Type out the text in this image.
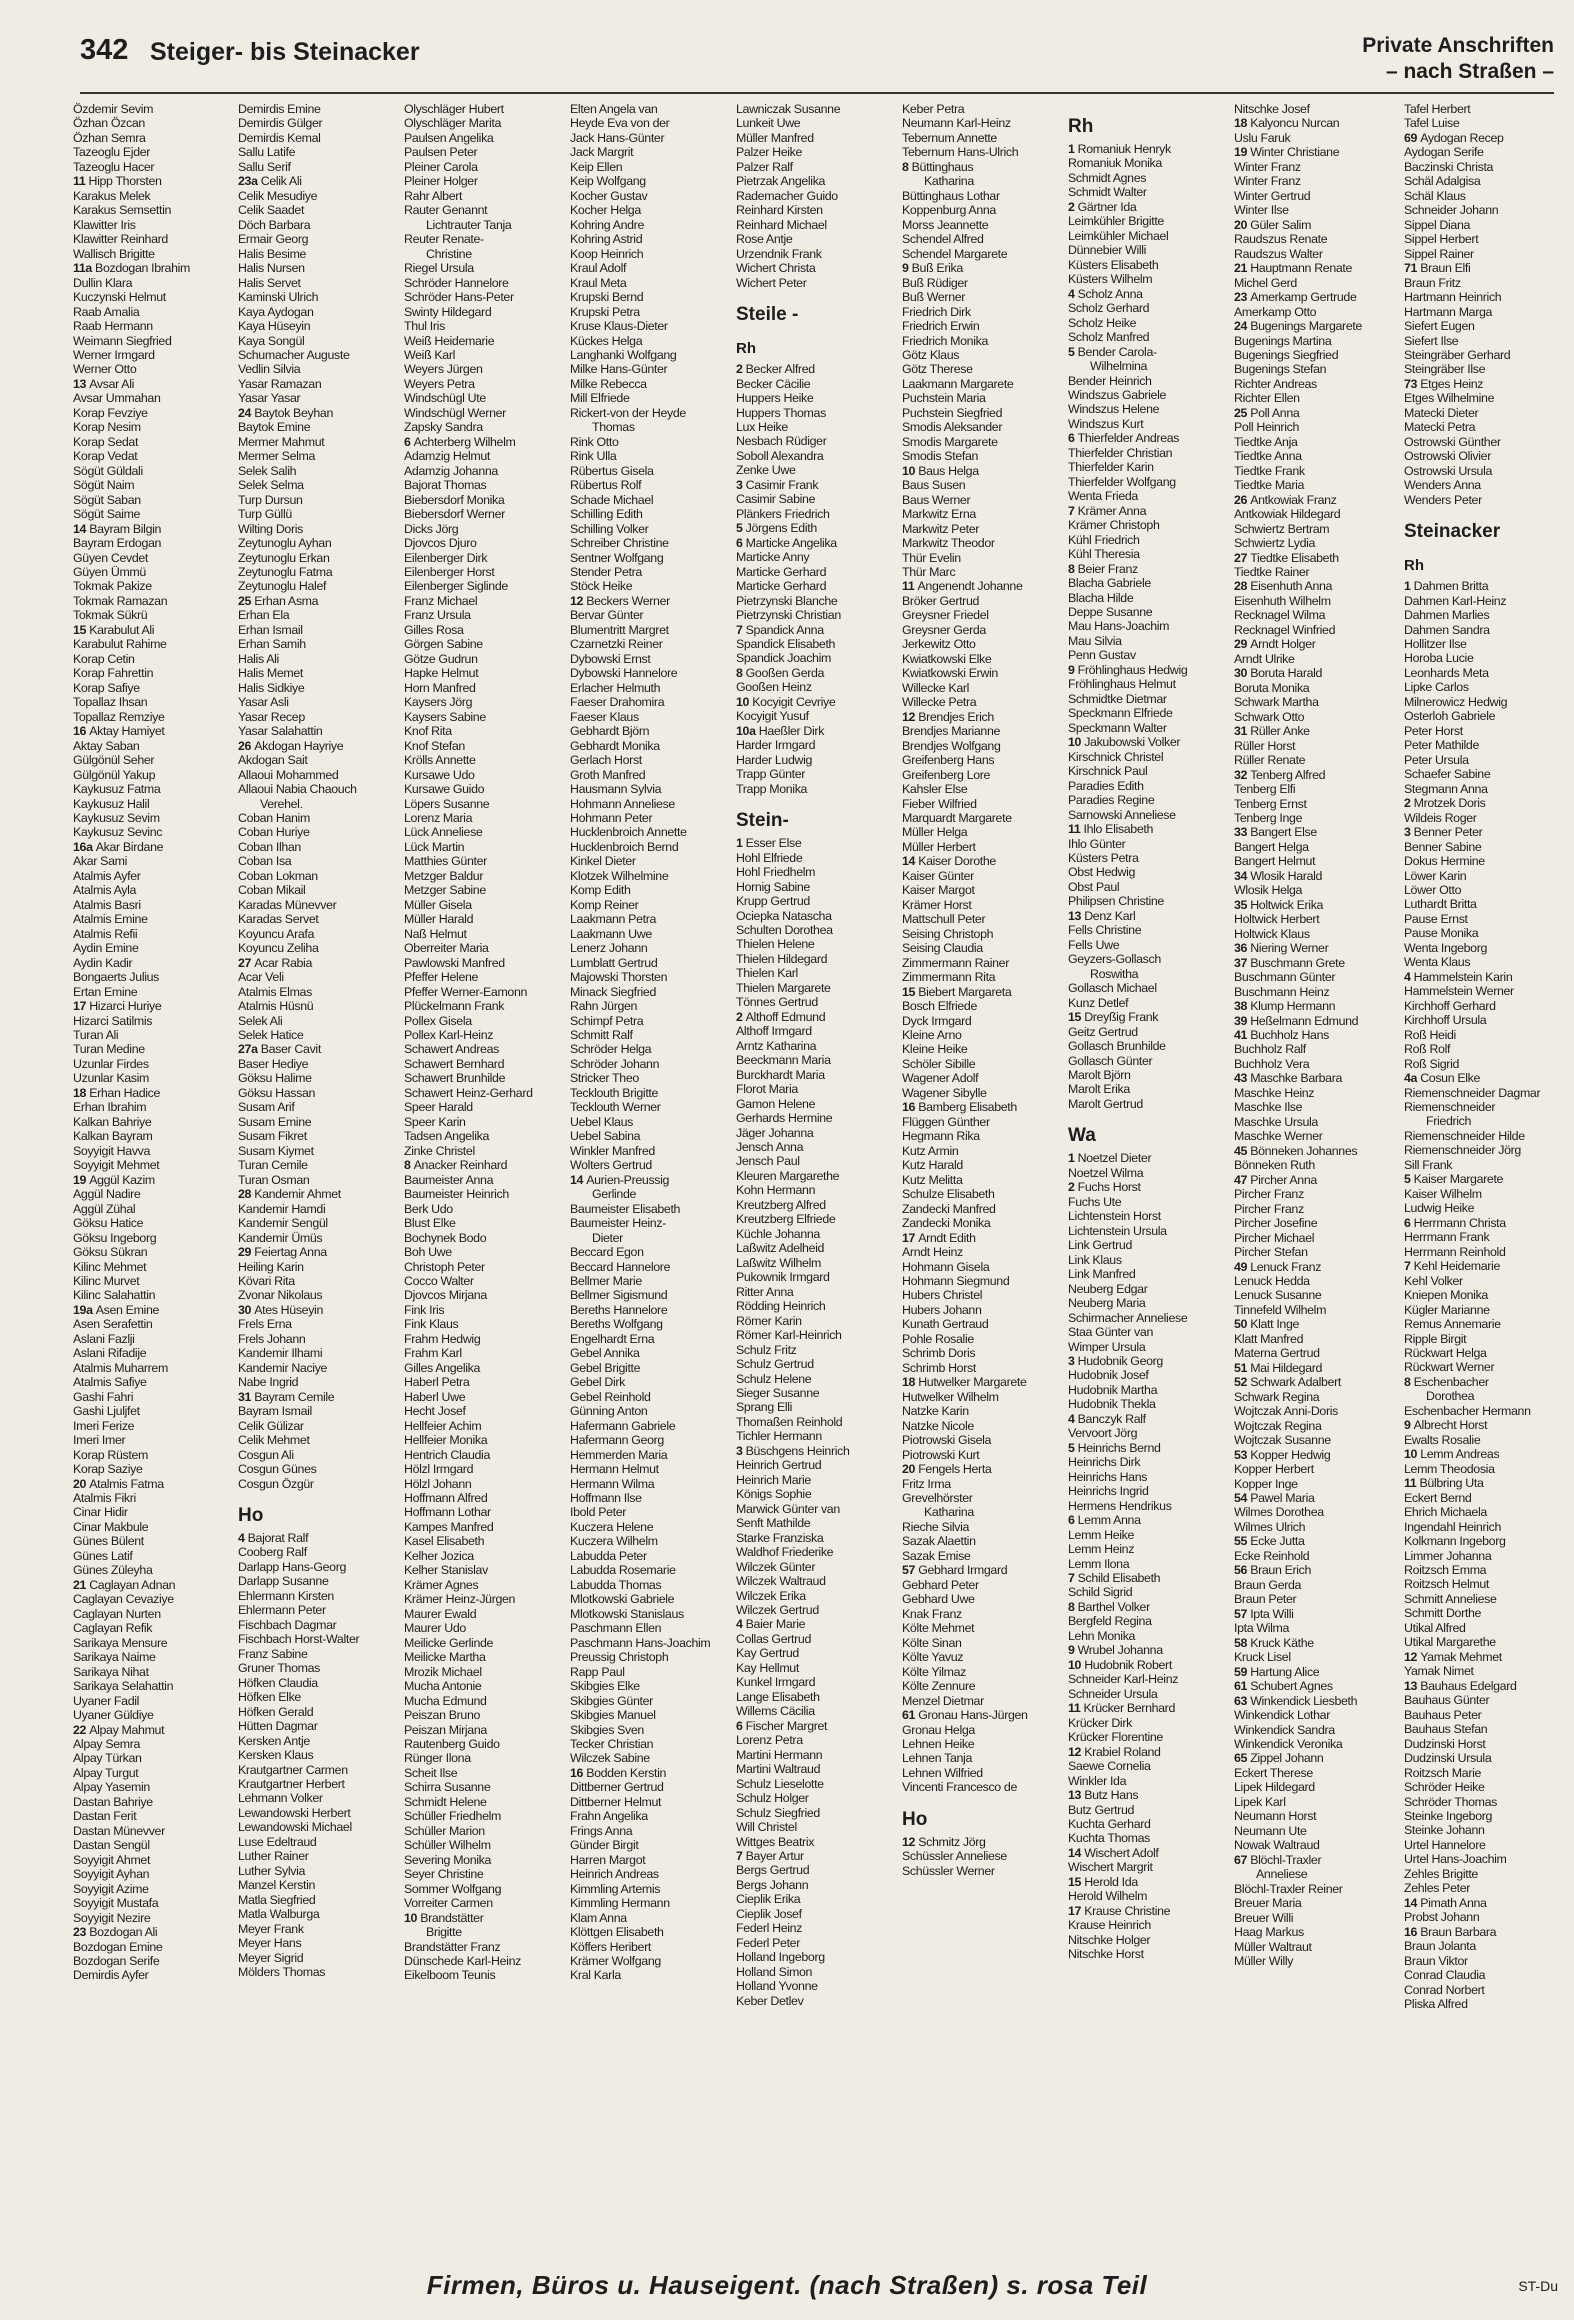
342 Steiger- bis Steinacker	Private Anschriften
– nach Straßen –
Özdemir Sevim
Özhan Özcan
Özhan Semra
Tazeoglu Ejder
Tazeoglu Hacer
11 Hipp Thorsten
Karakus Melek
Karakus Semsettin
Klawitter Iris
Klawitter Reinhard
Wallisch Brigitte
11a Bozdogan Ibrahim
Dullin Klara
Kuczynski Helmut
Raab Amalia
Raab Hermann
Weimann Siegfried
Werner Irmgard
Werner Otto
13 Avsar Ali
Avsar Ummahan
Korap Fevziye
Korap Nesim
Korap Sedat
Korap Vedat
Sögüt Güldali
Sögüt Naim
Sögüt Saban
Sögüt Saime
14 Bayram Bilgin
Bayram Erdogan
Güyen Cevdet
Güyen Ümmü
Tokmak Pakize
Tokmak Ramazan
Tokmak Sükrü
15 Karabulut Ali
Karabulut Rahime
Korap Cetin
Korap Fahrettin
Korap Safiye
Topallaz Ihsan
Topallaz Remziye
16 Aktay Hamiyet
Aktay Saban
Gülgönül Seher
Gülgönül Yakup
Kaykusuz Fatma
Kaykusuz Halil
Kaykusuz Sevim
Kaykusuz Sevinc
16a Akar Birdane
Akar Sami
Atalmis Ayfer
Atalmis Ayla
Atalmis Basri
Atalmis Emine
Atalmis Refii
Aydin Emine
Aydin Kadir
Bongaerts Julius
Ertan Emine
17 Hizarci Huriye
Hizarci Satilmis
Turan Ali
Turan Medine
Uzunlar Firdes
Uzunlar Kasim
18 Erhan Hadice
Erhan Ibrahim
Kalkan Bahriye
Kalkan Bayram
Soyyigit Havva
Soyyigit Mehmet
19 Aggül Kazim
Aggül Nadire
Aggül Zühal
Göksu Hatice
Göksu Ingeborg
Göksu Sükran
Kilinc Mehmet
Kilinc Murvet
Kilinc Salahattin
19a Asen Emine
Asen Serafettin
Aslani Fazlji
Aslani Rifadije
Atalmis Muharrem
Atalmis Safiye
Gashi Fahri
Gashi Ljuljfet
Imeri Ferize
Imeri Imer
Korap Rüstem
Korap Saziye
20 Atalmis Fatma
Atalmis Fikri
Cinar Hidir
Cinar Makbule
Günes Bülent
Günes Latif
Günes Züleyha
21 Caglayan Adnan
Caglayan Cevaziye
Caglayan Nurten
Caglayan Refik
Sarikaya Mensure
Sarikaya Naime
Sarikaya Nihat
Sarikaya Selahattin
Uyaner Fadil
Uyaner Güldiye
22 Alpay Mahmut
Alpay Semra
Alpay Türkan
Alpay Turgut
Alpay Yasemin
Dastan Bahriye
Dastan Ferit
Dastan Münevver
Dastan Sengül
Soyyigit Ahmet
Soyyigit Ayhan
Soyyigit Azime
Soyyigit Mustafa
Soyyigit Nezire
23 Bozdogan Ali
Bozdogan Emine
Bozdogan Serife
Demirdis Ayfer
Demirdis Emine
Demirdis Gülger
Demirdis Kemal
Sallu Latife
Sallu Serif
23a Celik Ali
Celik Mesudiye
Celik Saadet
Döch Barbara
Ermair Georg
Halis Besime
Halis Nursen
Halis Servet
Kaminski Ulrich
Kaya Aydogan
Kaya Hüseyin
Kaya Songül
Schumacher Auguste
Vedlin Silvia
Yasar Ramazan
Yasar Yasar
24 Baytok Beyhan
Baytok Emine
Mermer Mahmut
Mermer Selma
Selek Salih
Selek Selma
Turp Dursun
Turp Güllü
Wilting Doris
Zeytunoglu Ayhan
Zeytunoglu Erkan
Zeytunoglu Fatma
Zeytunoglu Halef
25 Erhan Asma
Erhan Ela
Erhan Ismail
Erhan Samih
Halis Ali
Halis Memet
Halis Sidkiye
Yasar Asli
Yasar Recep
Yasar Salahattin
26 Akdogan Hayriye
Akdogan Sait
Allaoui Mohammed
Allaoui Nabia Chaouch
Verehel.
Coban Hanim
Coban Huriye
Coban Ilhan
Coban Isa
Coban Lokman
Coban Mikail
Karadas Münevver
Karadas Servet
Koyuncu Arafa
Koyuncu Zeliha
27 Acar Rabia
Acar Veli
Atalmis Elmas
Atalmis Hüsnü
Selek Ali
Selek Hatice
27a Baser Cavit
Baser Hediye
Göksu Halime
Göksu Hassan
Susam Arif
Susam Emine
Susam Fikret
Susam Kiymet
Turan Cemile
Turan Osman
28 Kandemir Ahmet
Kandemir Hamdi
Kandemir Sengül
Kandemir Ümüs
29 Feiertag Anna
Heiling Karin
Kövari Rita
Zvonar Nikolaus
30 Ates Hüseyin
Frels Erna
Frels Johann
Kandemir Ilhami
Kandemir Naciye
Nabe Ingrid
31 Bayram Cemile
Bayram Ismail
Celik Gülizar
Celik Mehmet
Cosgun Ali
Cosgun Günes
Cosgun Özgür
Ho
4 Bajorat Ralf
Cooberg Ralf
Darlapp Hans-Georg
Darlapp Susanne
Ehlermann Kirsten
Ehlermann Peter
Fischbach Dagmar
Fischbach Horst-Walter
Franz Sabine
Gruner Thomas
Höfken Claudia
Höfken Elke
Höfken Gerald
Hütten Dagmar
Kersken Antje
Kersken Klaus
Krautgartner Carmen
Krautgartner Herbert
Lehmann Volker
Lewandowski Herbert
Lewandowski Michael
Luse Edeltraud
Luther Rainer
Luther Sylvia
Manzel Kerstin
Matla Siegfried
Matla Walburga
Meyer Frank
Meyer Hans
Meyer Sigrid
Mölders Thomas
Olyschläger Hubert
Olyschläger Marita
Paulsen Angelika
Paulsen Peter
Pleiner Carola
Pleiner Holger
Rahr Albert
Rauter Genannt
Lichtrauter Tanja
Reuter Renate-
Christine
Riegel Ursula
Schröder Hannelore
Schröder Hans-Peter
Swinty Hildegard
Thul Iris
Weiß Heidemarie
Weiß Karl
Weyers Jürgen
Weyers Petra
Windschügl Ute
Windschügl Werner
Zapsky Sandra
6 Achterberg Wilhelm
Adamzig Helmut
Adamzig Johanna
Bajorat Thomas
Biebersdorf Monika
Biebersdorf Werner
Dicks Jörg
Djovcos Djuro
Eilenberger Dirk
Eilenberger Horst
Eilenberger Siglinde
Franz Michael
Franz Ursula
Gilles Rosa
Görgen Sabine
Götze Gudrun
Hapke Helmut
Horn Manfred
Kaysers Jörg
Kaysers Sabine
Knof Rita
Knof Stefan
Krölls Annette
Kursawe Udo
Kursawe Guido
Löpers Susanne
Lorenz Maria
Lück Anneliese
Lück Martin
Matthies Günter
Metzger Baldur
Metzger Sabine
Müller Gisela
Müller Harald
Naß Helmut
Oberreiter Maria
Pawlowski Manfred
Pfeffer Helene
Pfeffer Werner-Eamonn
Plückelmann Frank
Pollex Gisela
Pollex Karl-Heinz
Schawert Andreas
Schawert Bernhard
Schawert Brunhilde
Schawert Heinz-Gerhard
Speer Harald
Speer Karin
Tadsen Angelika
Zinke Christel
8 Anacker Reinhard
Baumeister Anna
Baumeister Heinrich
Berk Udo
Blust Elke
Bochynek Bodo
Boh Uwe
Christoph Peter
Cocco Walter
Djovcos Mirjana
Fink Iris
Fink Klaus
Frahm Hedwig
Frahm Karl
Gilles Angelika
Haberl Petra
Haberl Uwe
Hecht Josef
Hellfeier Achim
Hellfeier Monika
Hentrich Claudia
Hölzl Irmgard
Hölzl Johann
Hoffmann Alfred
Hoffmann Lothar
Kampes Manfred
Kasel Elisabeth
Kelher Jozica
Kelher Stanislav
Krämer Agnes
Krämer Heinz-Jürgen
Maurer Ewald
Maurer Udo
Meilicke Gerlinde
Meilicke Martha
Mrozik Michael
Mucha Antonie
Mucha Edmund
Peiszan Bruno
Peiszan Mirjana
Rautenberg Guido
Rünger Ilona
Scheit Ilse
Schirra Susanne
Schmidt Helene
Schüller Friedhelm
Schüller Marion
Schüller Wilhelm
Severing Monika
Seyer Christine
Sommer Wolfgang
Vorreiter Carmen
10 Brandstätter
Brigitte
Brandstätter Franz
Dünschede Karl-Heinz
Eikelboom Teunis
Elten Angela van
Heyde Eva von der
Jack Hans-Günter
Jack Margrit
Keip Ellen
Keip Wolfgang
Kocher Gustav
Kocher Helga
Kohring Andre
Kohring Astrid
Koop Heinrich
Kraul Adolf
Kraul Meta
Krupski Bernd
Krupski Petra
Kruse Klaus-Dieter
Kückes Helga
Langhanki Wolfgang
Milke Hans-Günter
Milke Rebecca
Mill Elfriede
Rickert-von der Heyde
Thomas
Rink Otto
Rink Ulla
Rübertus Gisela
Rübertus Rolf
Schade Michael
Schilling Edith
Schilling Volker
Schreiber Christine
Sentner Wolfgang
Stender Petra
Stöck Heike
12 Beckers Werner
Bervar Günter
Blumentritt Margret
Czarnetzki Reiner
Dybowski Ernst
Dybowski Hannelore
Erlacher Helmuth
Faeser Drahomira
Faeser Klaus
Gebhardt Björn
Gebhardt Monika
Gerlach Horst
Groth Manfred
Hausmann Sylvia
Hohmann Anneliese
Hohmann Peter
Hucklenbroich Annette
Hucklenbroich Bernd
Kinkel Dieter
Klotzek Wilhelmine
Komp Edith
Komp Reiner
Laakmann Petra
Laakmann Uwe
Lenerz Johann
Lumblatt Gertrud
Majowski Thorsten
Minack Siegfried
Rahn Jürgen
Schimpf Petra
Schmitt Ralf
Schröder Helga
Schröder Johann
Stricker Theo
Tecklouth Brigitte
Tecklouth Werner
Uebel Klaus
Uebel Sabina
Winkler Manfred
Wolters Gertrud
14 Aurien-Preussig
Gerlinde
Baumeister Elisabeth
Baumeister Heinz-
Dieter
Beccard Egon
Beccard Hannelore
Bellmer Marie
Bellmer Sigismund
Bereths Hannelore
Bereths Wolfgang
Engelhardt Erna
Gebel Annika
Gebel Brigitte
Gebel Dirk
Gebel Reinhold
Günning Anton
Hafermann Gabriele
Hafermann Georg
Hemmerden Maria
Hermann Helmut
Hermann Wilma
Hoffmann Ilse
Ibold Peter
Kuczera Helene
Kuczera Wilhelm
Labudda Peter
Labudda Rosemarie
Labudda Thomas
Mlotkowski Gabriele
Mlotkowski Stanislaus
Paschmann Ellen
Paschmann Hans-Joachim
Preussig Christoph
Rapp Paul
Skibgies Elke
Skibgies Günter
Skibgies Manuel
Skibgies Sven
Tecker Christian
Wilczek Sabine
16 Bodden Kerstin
Dittberner Gertrud
Dittberner Helmut
Frahn Angelika
Frings Anna
Günder Birgit
Harren Margot
Heinrich Andreas
Kimmling Artemis
Kimmling Hermann
Klam Anna
Klöttgen Elisabeth
Köffers Heribert
Krämer Wolfgang
Kral Karla
Lawniczak Susanne
Lunkeit Uwe
Müller Manfred
Palzer Heike
Palzer Ralf
Pietrzak Angelika
Rademacher Guido
Reinhard Kirsten
Reinhard Michael
Rose Antje
Urzendnik Frank
Wichert Christa
Wichert Peter
Steile -
Rh
2 Becker Alfred
Becker Cäcilie
Huppers Heike
Huppers Thomas
Lux Heike
Nesbach Rüdiger
Soboll Alexandra
Zenke Uwe
3 Casimir Frank
Casimir Sabine
Plänkers Friedrich
5 Jörgens Edith
6 Marticke Angelika
Marticke Anny
Marticke Gerhard
Marticke Gerhard
Pietrzynski Blanche
Pietrzynski Christian
7 Spandick Anna
Spandick Elisabeth
Spandick Joachim
8 Gooßen Gerda
Gooßen Heinz
10 Kocyigit Cevriye
Kocyigit Yusuf
10a Haeßler Dirk
Harder Irmgard
Harder Ludwig
Trapp Günter
Trapp Monika
Stein-
1 Esser Else
Hohl Elfriede
Hohl Friedhelm
Hornig Sabine
Krupp Gertrud
Ociepka Natascha
Schulten Dorothea
Thielen Helene
Thielen Hildegard
Thielen Karl
Thielen Margarete
Tönnes Gertrud
2 Althoff Edmund
Althoff Irmgard
Arntz Katharina
Beeckmann Maria
Burckhardt Maria
Florot Maria
Gamon Helene
Gerhards Hermine
Jäger Johanna
Jensch Anna
Jensch Paul
Kleuren Margarethe
Kohn Hermann
Kreutzberg Alfred
Kreutzberg Elfriede
Küchle Johanna
Laßwitz Adelheid
Laßwitz Wilhelm
Pukownik Irmgard
Ritter Anna
Rödding Heinrich
Römer Karin
Römer Karl-Heinrich
Schulz Fritz
Schulz Gertrud
Schulz Helene
Sieger Susanne
Sprang Elli
Thomaßen Reinhold
Tichler Hermann
3 Büschgens Heinrich
Heinrich Gertrud
Heinrich Marie
Königs Sophie
Marwick Günter van
Senft Mathilde
Starke Franziska
Waldhof Friederike
Wilczek Günter
Wilczek Waltraud
Wilczek Erika
Wilczek Gertrud
4 Baier Marie
Collas Gertrud
Kay Gertrud
Kay Hellmut
Kunkel Irmgard
Lange Elisabeth
Willems Cäcilia
6 Fischer Margret
Lorenz Petra
Martini Hermann
Martini Waltraud
Schulz Lieselotte
Schulz Holger
Schulz Siegfried
Will Christel
Wittges Beatrix
7 Bayer Artur
Bergs Gertrud
Bergs Johann
Cieplik Erika
Cieplik Josef
Federl Heinz
Federl Peter
Holland Ingeborg
Holland Simon
Holland Yvonne
Keber Detlev
Keber Petra
Neumann Karl-Heinz
Tebernum Annette
Tebernum Hans-Ulrich
8 Büttinghaus
Katharina
Büttinghaus Lothar
Koppenburg Anna
Morss Jeannette
Schendel Alfred
Schendel Margarete
9 Buß Erika
Buß Rüdiger
Buß Werner
Friedrich Dirk
Friedrich Erwin
Friedrich Monika
Götz Klaus
Götz Therese
Laakmann Margarete
Puchstein Maria
Puchstein Siegfried
Smodis Aleksander
Smodis Margarete
Smodis Stefan
10 Baus Helga
Baus Susen
Baus Werner
Markwitz Erna
Markwitz Peter
Markwitz Theodor
Thür Evelin
Thür Marc
11 Angenendt Johanne
Bröker Gertrud
Greysner Friedel
Greysner Gerda
Jerkewitz Otto
Kwiatkowski Elke
Kwiatkowski Erwin
Willecke Karl
Willecke Petra
12 Brendjes Erich
Brendjes Marianne
Brendjes Wolfgang
Greifenberg Hans
Greifenberg Lore
Kahsler Else
Fieber Wilfried
Marquardt Margarete
Müller Helga
Müller Herbert
14 Kaiser Dorothe
Kaiser Günter
Kaiser Margot
Krämer Horst
Mattschull Peter
Seising Christoph
Seising Claudia
Zimmermann Rainer
Zimmermann Rita
15 Biebert Margareta
Bosch Elfriede
Dyck Irmgard
Kleine Arno
Kleine Heike
Schöler Sibille
Wagener Adolf
Wagener Sibylle
16 Bamberg Elisabeth
Flüggen Günther
Hegmann Rika
Kutz Armin
Kutz Harald
Kutz Melitta
Schulze Elisabeth
Zandecki Manfred
Zandecki Monika
17 Arndt Edith
Arndt Heinz
Hohmann Gisela
Hohmann Siegmund
Hubers Christel
Hubers Johann
Kunath Gertraud
Pohle Rosalie
Schrimb Doris
Schrimb Horst
18 Hutwelker Margarete
Hutwelker Wilhelm
Natzke Karin
Natzke Nicole
Piotrowski Gisela
Piotrowski Kurt
20 Fengels Herta
Fritz Irma
Grevelhörster
Katharina
Rieche Silvia
Sazak Alaettin
Sazak Emise
57 Gebhard Irmgard
Gebhard Peter
Gebhard Uwe
Knak Franz
Költe Mehmet
Költe Sinan
Költe Yavuz
Költe Yilmaz
Költe Zennure
Menzel Dietmar
61 Gronau Hans-Jürgen
Gronau Helga
Lehnen Heike
Lehnen Tanja
Lehnen Wilfried
Vincenti Francesco de
Ho
12 Schmitz Jörg
Schüssler Anneliese
Schüssler Werner
Rh
1 Romaniuk Henryk
Romaniuk Monika
Schmidt Agnes
Schmidt Walter
2 Gärtner Ida
Leimkühler Brigitte
Leimkühler Michael
Dünnebier Willi
Küsters Elisabeth
Küsters Wilhelm
4 Scholz Anna
Scholz Gerhard
Scholz Heike
Scholz Manfred
5 Bender Carola-
Wilhelmina
Bender Heinrich
Windszus Gabriele
Windszus Helene
Windszus Kurt
6 Thierfelder Andreas
Thierfelder Christian
Thierfelder Karin
Thierfelder Wolfgang
Wenta Frieda
7 Krämer Anna
Krämer Christoph
Kühl Friedrich
Kühl Theresia
8 Beier Franz
Blacha Gabriele
Blacha Hilde
Deppe Susanne
Mau Hans-Joachim
Mau Silvia
Penn Gustav
9 Fröhlinghaus Hedwig
Fröhlinghaus Helmut
Schmidtke Dietmar
Speckmann Elfriede
Speckmann Walter
10 Jakubowski Volker
Kirschnick Christel
Kirschnick Paul
Paradies Edith
Paradies Regine
Sarnowski Anneliese
11 Ihlo Elisabeth
Ihlo Günter
Küsters Petra
Obst Hedwig
Obst Paul
Philipsen Christine
13 Denz Karl
Fells Christine
Fells Uwe
Geyzers-Gollasch
Roswitha
Gollasch Michael
Kunz Detlef
15 Dreyßig Frank
Geitz Gertrud
Gollasch Brunhilde
Gollasch Günter
Marolt Björn
Marolt Erika
Marolt Gertrud
Wa
1 Noetzel Dieter
Noetzel Wilma
2 Fuchs Horst
Fuchs Ute
Lichtenstein Horst
Lichtenstein Ursula
Link Gertrud
Link Klaus
Link Manfred
Neuberg Edgar
Neuberg Maria
Schirmacher Anneliese
Staa Günter van
Wimper Ursula
3 Hudobnik Georg
Hudobnik Josef
Hudobnik Martha
Hudobnik Thekla
4 Banczyk Ralf
Vervoort Jörg
5 Heinrichs Bernd
Heinrichs Dirk
Heinrichs Hans
Heinrichs Ingrid
Hermens Hendrikus
6 Lemm Anna
Lemm Heike
Lemm Heinz
Lemm Ilona
7 Schild Elisabeth
Schild Sigrid
8 Barthel Volker
Bergfeld Regina
Lehn Monika
9 Wrubel Johanna
10 Hudobnik Robert
Schneider Karl-Heinz
Schneider Ursula
11 Krücker Bernhard
Krücker Dirk
Krücker Florentine
12 Krabiel Roland
Saewe Cornelia
Winkler Ida
13 Butz Hans
Butz Gertrud
Kuchta Gerhard
Kuchta Thomas
14 Wischert Adolf
Wischert Margrit
15 Herold Ida
Herold Wilhelm
17 Krause Christine
Krause Heinrich
Nitschke Holger
Nitschke Horst
Nitschke Josef
18 Kalyoncu Nurcan
Uslu Faruk
19 Winter Christiane
Winter Franz
Winter Franz
Winter Gertrud
Winter Ilse
20 Güler Salim
Raudszus Renate
Raudszus Walter
21 Hauptmann Renate
Michel Gerd
23 Amerkamp Gertrude
Amerkamp Otto
24 Bugenings Margarete
Bugenings Martina
Bugenings Siegfried
Bugenings Stefan
Richter Andreas
Richter Ellen
25 Poll Anna
Poll Heinrich
Tiedtke Anja
Tiedtke Anna
Tiedtke Frank
Tiedtke Maria
26 Antkowiak Franz
Antkowiak Hildegard
Schwiertz Bertram
Schwiertz Lydia
27 Tiedtke Elisabeth
Tiedtke Rainer
28 Eisenhuth Anna
Eisenhuth Wilhelm
Recknagel Wilma
Recknagel Winfried
29 Arndt Holger
Arndt Ulrike
30 Boruta Harald
Boruta Monika
Schwark Martha
Schwark Otto
31 Rüller Anke
Rüller Horst
Rüller Renate
32 Tenberg Alfred
Tenberg Elfi
Tenberg Ernst
Tenberg Inge
33 Bangert Else
Bangert Helga
Bangert Helmut
34 Wlosik Harald
Wlosik Helga
35 Holtwick Erika
Holtwick Herbert
Holtwick Klaus
36 Niering Werner
37 Buschmann Grete
Buschmann Günter
Buschmann Heinz
38 Klump Hermann
39 Heßelmann Edmund
41 Buchholz Hans
Buchholz Ralf
Buchholz Vera
43 Maschke Barbara
Maschke Heinz
Maschke Ilse
Maschke Ursula
Maschke Werner
45 Bönneken Johannes
Bönneken Ruth
47 Pircher Anna
Pircher Franz
Pircher Franz
Pircher Josefine
Pircher Michael
Pircher Stefan
49 Lenuck Franz
Lenuck Hedda
Lenuck Susanne
Tinnefeld Wilhelm
50 Klatt Inge
Klatt Manfred
Materna Gertrud
51 Mai Hildegard
52 Schwark Adalbert
Schwark Regina
Wojtczak Anni-Doris
Wojtczak Regina
Wojtczak Susanne
53 Kopper Hedwig
Kopper Herbert
Kopper Inge
54 Pawel Maria
Wilmes Dorothea
Wilmes Ulrich
55 Ecke Jutta
Ecke Reinhold
56 Braun Erich
Braun Gerda
Braun Peter
57 Ipta Willi
Ipta Wilma
58 Kruck Käthe
Kruck Lisel
59 Hartung Alice
61 Schubert Agnes
63 Winkendick Liesbeth
Winkendick Lothar
Winkendick Sandra
Winkendick Veronika
65 Zippel Johann
Eckert Therese
Lipek Hildegard
Lipek Karl
Neumann Horst
Neumann Ute
Nowak Waltraud
67 Blöchl-Traxler
Anneliese
Blöchl-Traxler Reiner
Breuer Maria
Breuer Willi
Haag Markus
Müller Waltraut
Müller Willy
Tafel Herbert
Tafel Luise
69 Aydogan Recep
Aydogan Serife
Baczinski Christa
Schäl Adalgisa
Schäl Klaus
Schneider Johann
Sippel Diana
Sippel Herbert
Sippel Rainer
71 Braun Elfi
Braun Fritz
Hartmann Heinrich
Hartmann Marga
Siefert Eugen
Siefert Ilse
Steingräber Gerhard
Steingräber Ilse
73 Etges Heinz
Etges Wilhelmine
Matecki Dieter
Matecki Petra
Ostrowski Günther
Ostrowski Olivier
Ostrowski Ursula
Wenders Anna
Wenders Peter
Steinacker
Rh
1 Dahmen Britta
Dahmen Karl-Heinz
Dahmen Marlies
Dahmen Sandra
Hollitzer Ilse
Horoba Lucie
Leonhards Meta
Lipke Carlos
Milnerowicz Hedwig
Osterloh Gabriele
Peter Horst
Peter Mathilde
Peter Ursula
Schaefer Sabine
Stegmann Anna
2 Mrotzek Doris
Wildeis Roger
3 Benner Peter
Benner Sabine
Dokus Hermine
Löwer Karin
Löwer Otto
Luthardt Britta
Pause Ernst
Pause Monika
Wenta Ingeborg
Wenta Klaus
4 Hammelstein Karin
Hammelstein Werner
Kirchhoff Gerhard
Kirchhoff Ursula
Roß Heidi
Roß Rolf
Roß Sigrid
4a Cosun Elke
Riemenschneider Dagmar
Riemenschneider
Friedrich
Riemenschneider Hilde
Riemenschneider Jörg
Sill Frank
5 Kaiser Margarete
Kaiser Wilhelm
Ludwig Heike
6 Herrmann Christa
Herrmann Frank
Herrmann Reinhold
7 Kehl Heidemarie
Kehl Volker
Kniepen Monika
Kügler Marianne
Remus Annemarie
Ripple Birgit
Rückwart Helga
Rückwart Werner
8 Eschenbacher
Dorothea
Eschenbacher Hermann
9 Albrecht Horst
Ewalts Rosalie
10 Lemm Andreas
Lemm Theodosia
11 Bülbring Uta
Eckert Bernd
Ehrich Michaela
Ingendahl Heinrich
Kolkmann Ingeborg
Limmer Johanna
Roitzsch Emma
Roitzsch Helmut
Schmitt Anneliese
Schmitt Dorthe
Utikal Alfred
Utikal Margarethe
12 Yamak Mehmet
Yamak Nimet
13 Bauhaus Edelgard
Bauhaus Günter
Bauhaus Peter
Bauhaus Stefan
Dudzinski Horst
Dudzinski Ursula
Roitzsch Marie
Schröder Heike
Schröder Thomas
Steinke Ingeborg
Steinke Johann
Urtel Hannelore
Urtel Hans-Joachim
Zehles Brigitte
Zehles Peter
14 Pimath Anna
Probst Johann
16 Braun Barbara
Braun Jolanta
Braun Viktor
Conrad Claudia
Conrad Norbert
Pliska Alfred
Firmen, Büros u. Hauseigent. (nach Straßen) s. rosa Teil	ST-Du
